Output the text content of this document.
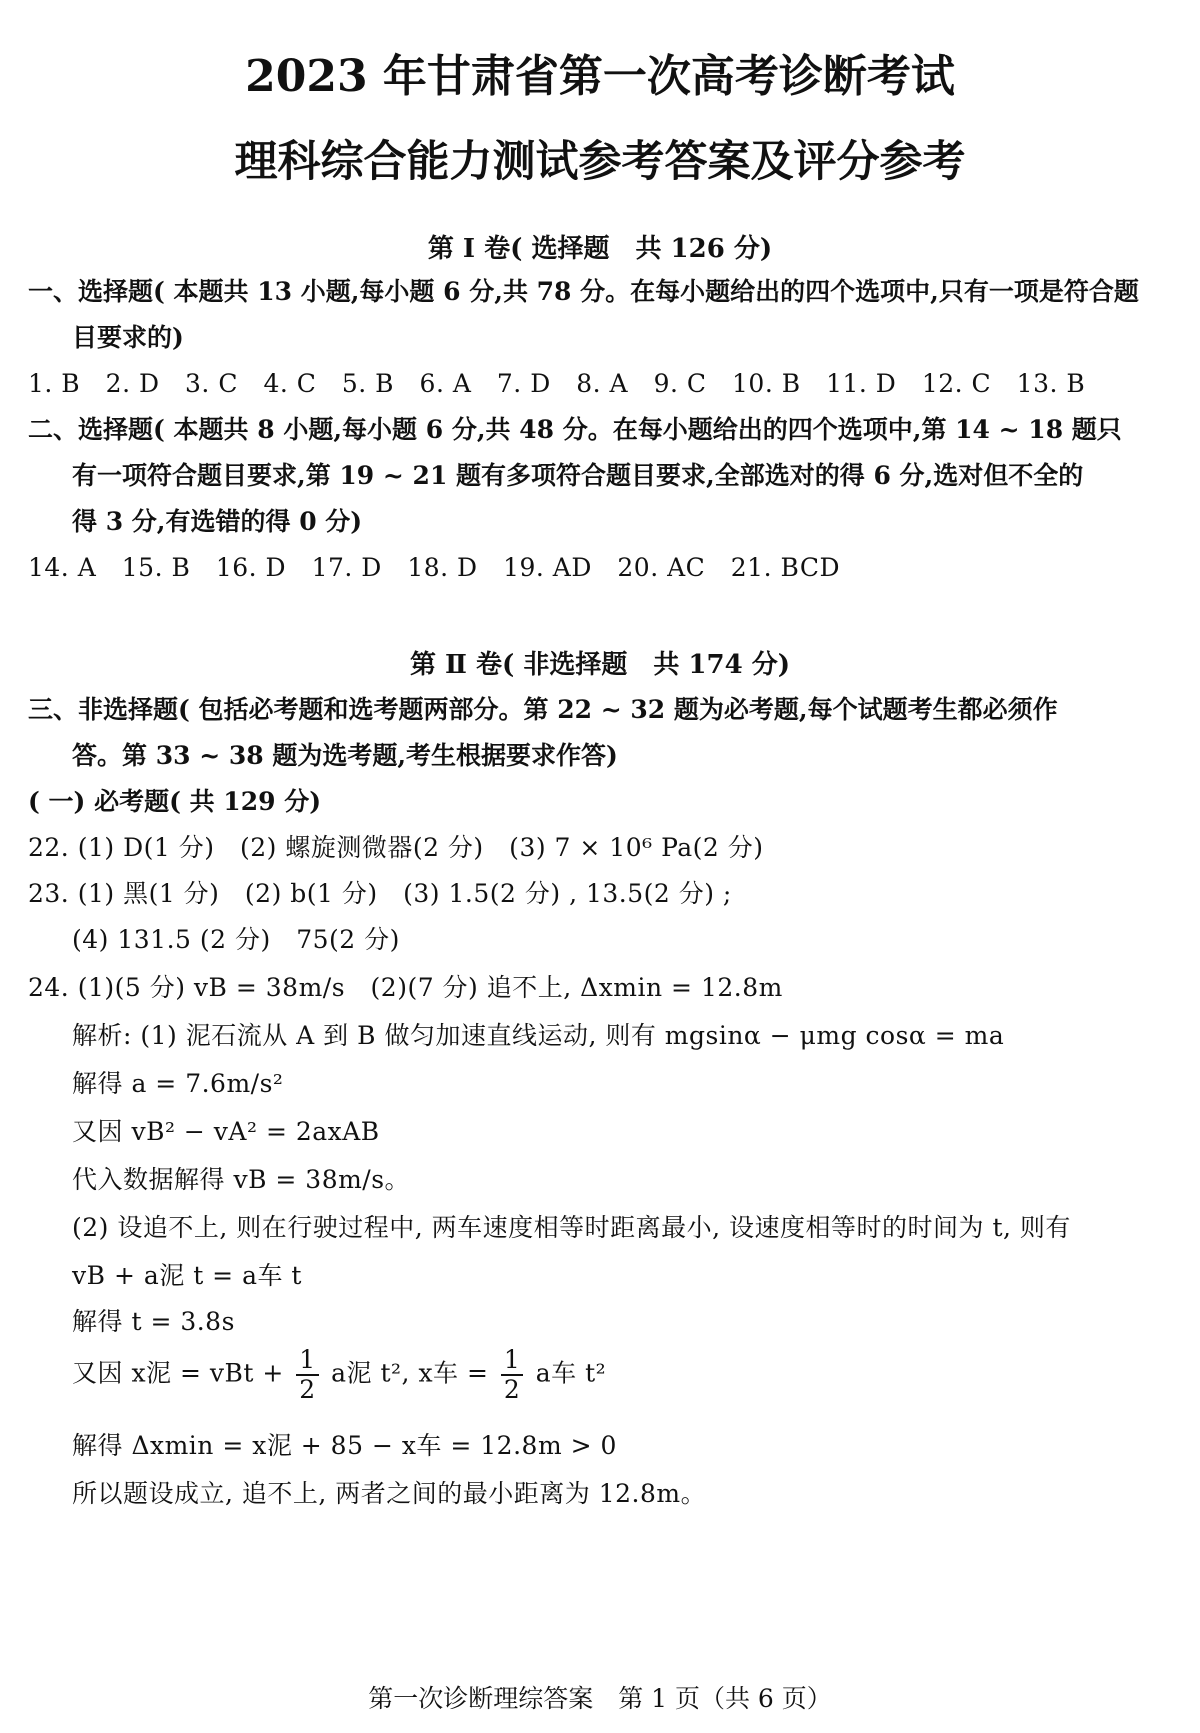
2023 年甘肃省第一次高考诊断考试
理科综合能力测试参考答案及评分参考
第 Ⅰ 卷( 选择题　共 126 分)
一、选择题( 本题共 13 小题,每小题 6 分,共 78 分。在每小题给出的四个选项中,只有一项是符合题
目要求的)
1. B　2. D　3. C　4. C　5. B　6. A　7. D　8. A　9. C　10. B　11. D　12. C　13. B
二、选择题( 本题共 8 小题,每小题 6 分,共 48 分。在每小题给出的四个选项中,第 14 ~ 18 题只
有一项符合题目要求,第 19 ~ 21 题有多项符合题目要求,全部选对的得 6 分,选对但不全的
得 3 分,有选错的得 0 分)
14. A　15. B　16. D　17. D　18. D　19. AD　20. AC　21. BCD
第 Ⅱ 卷( 非选择题　共 174 分)
三、非选择题( 包括必考题和选考题两部分。第 22 ~ 32 题为必考题,每个试题考生都必须作
答。第 33 ~ 38 题为选考题,考生根据要求作答)
( 一) 必考题( 共 129 分)
22. (1) D(1 分)　(2) 螺旋测微器(2 分)　(3) 7 × 10⁶ Pa(2 分)
23. (1) 黑(1 分)　(2) b(1 分)　(3) 1.5(2 分) , 13.5(2 分) ;
(4) 131.5 (2 分)　75(2 分)
24. (1)(5 分) vB = 38m/s　(2)(7 分) 追不上, Δxmin = 12.8m
解析: (1) 泥石流从 A 到 B 做匀加速直线运动, 则有 mgsinα − μmg cosα = ma
解得 a = 7.6m/s²
又因 vB² − vA² = 2axAB
代入数据解得 vB = 38m/s。
(2) 设追不上, 则在行驶过程中, 两车速度相等时距离最小, 设速度相等时的时间为 t, 则有
vB + a泥 t = a车 t
解得 t = 3.8s
又因 x泥 = vBt + $\frac{1}{2}$ a泥 t², x车 = $\frac{1}{2}$ a车 t²
解得 Δxmin = x泥 + 85 − x车 = 12.8m > 0
所以题设成立, 追不上, 两者之间的最小距离为 12.8m。
第一次诊断理综答案　第 1 页（共 6 页）
